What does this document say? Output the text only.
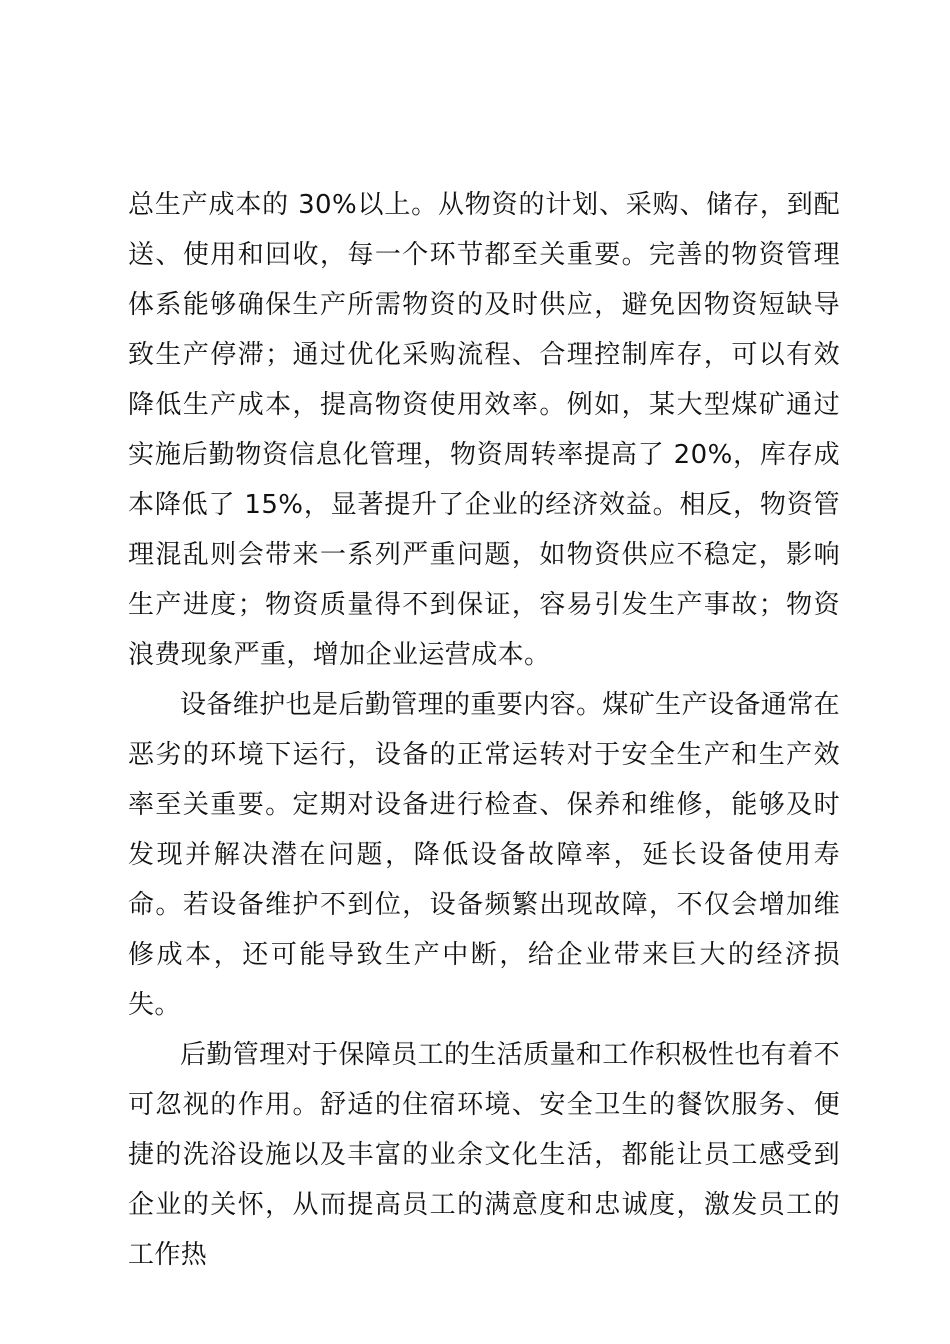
总生产成本的 30%以上。从物资的计划、采购、储存，到配送、使用和回收，每一个环节都至关重要。完善的物资管理体系能够确保生产所需物资的及时供应，避免因物资短缺导致生产停滞；通过优化采购流程、合理控制库存，可以有效降低生产成本，提高物资使用效率。例如，某大型煤矿通过实施后勤物资信息化管理，物资周转率提高了 20%，库存成本降低了 15%，显著提升了企业的经济效益。相反，物资管理混乱则会带来一系列严重问题，如物资供应不稳定，影响生产进度；物资质量得不到保证，容易引发生产事故；物资浪费现象严重，增加企业运营成本。

设备维护也是后勤管理的重要内容。煤矿生产设备通常在恶劣的环境下运行，设备的正常运转对于安全生产和生产效率至关重要。定期对设备进行检查、保养和维修，能够及时发现并解决潜在问题，降低设备故障率，延长设备使用寿命。若设备维护不到位，设备频繁出现故障，不仅会增加维修成本，还可能导致生产中断，给企业带来巨大的经济损失。

后勤管理对于保障员工的生活质量和工作积极性也有着不可忽视的作用。舒适的住宿环境、安全卫生的餐饮服务、便捷的洗浴设施以及丰富的业余文化生活，都能让员工感受到企业的关怀，从而提高员工的满意度和忠诚度，激发员工的工作热
